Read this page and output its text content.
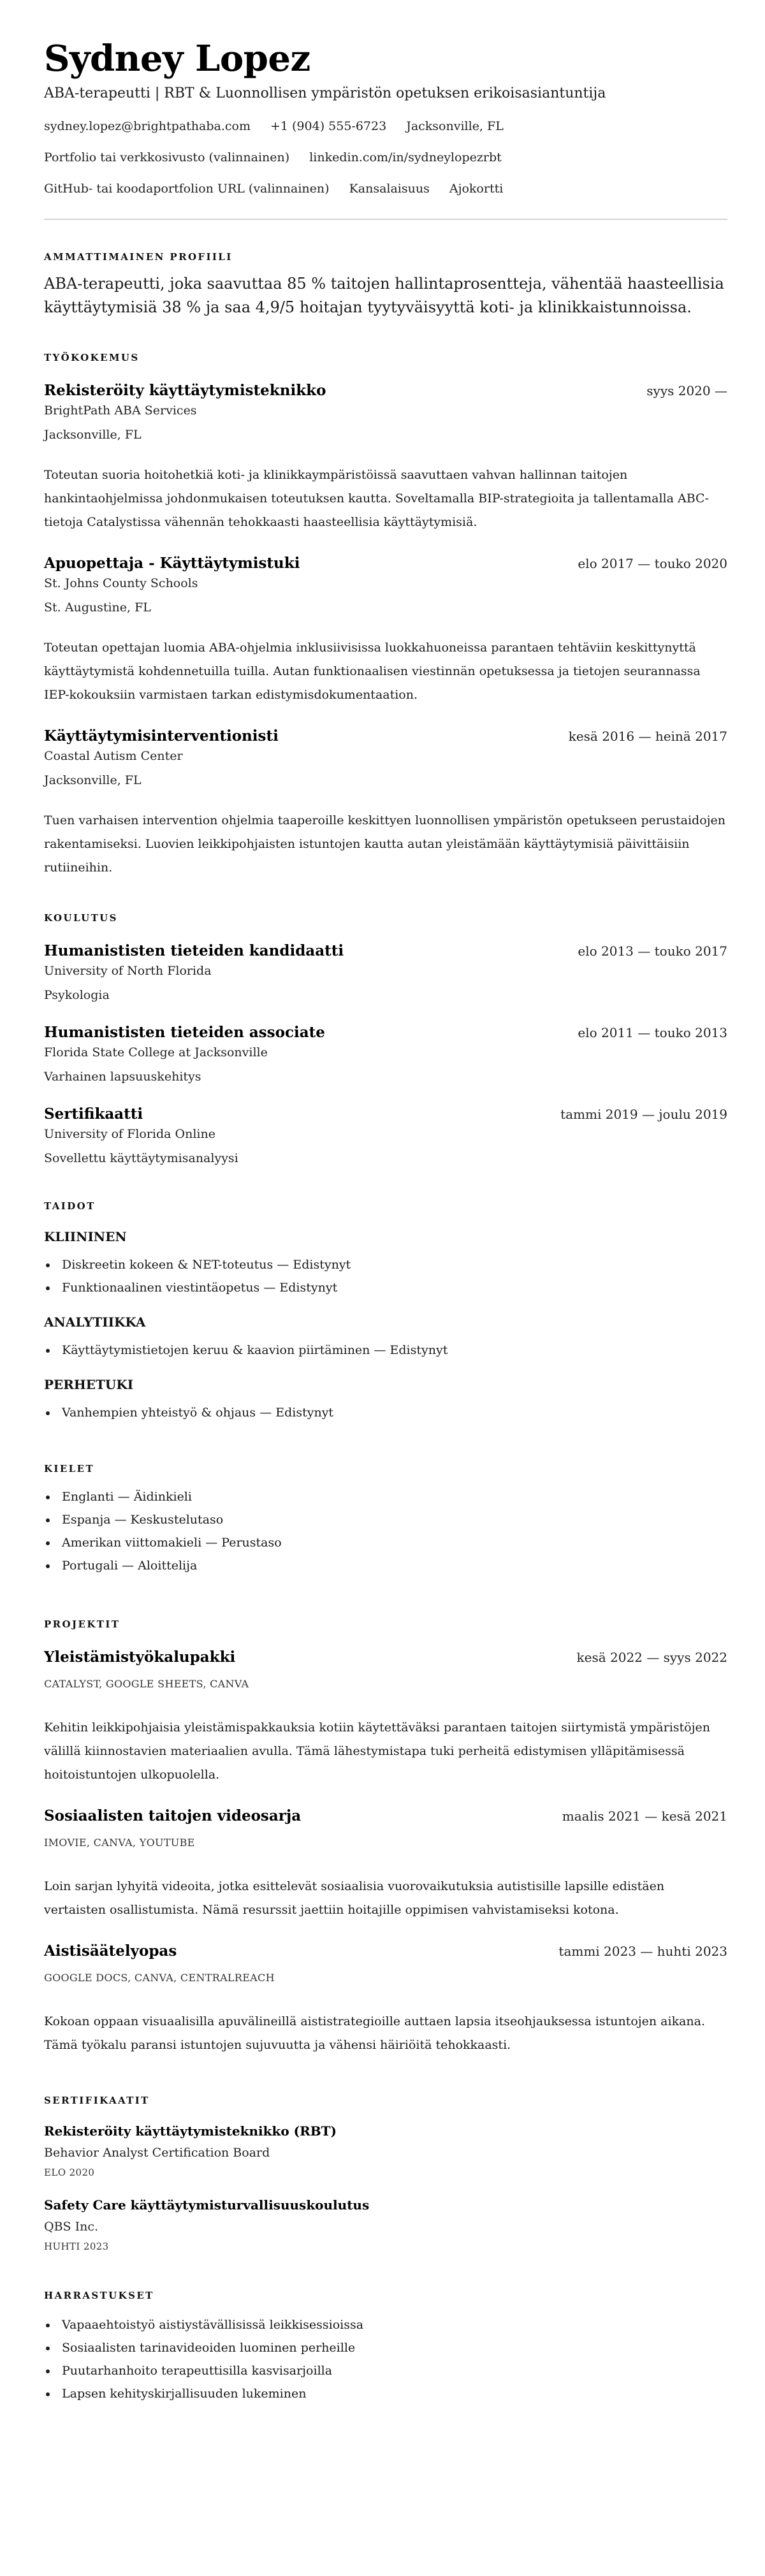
Sydney Lopez
ABA-terapeutti | RBT & Luonnollisen ympäristön opetuksen erikoisasiantuntija
sydney.lopez@brightpathaba.com +1 (904) 555-6723 Jacksonville, FL
Portfolio tai verkkosivusto (valinnainen) linkedin.com/in/sydneylopezrbt
GitHub- tai koodaportfolion URL (valinnainen) Kansalaisuus Ajokortti
AMMATTIMAINEN PROFIILI

ABA-terapeutti, joka saavuttaa 85 % taitojen hallintaprosentteja, vähentää haasteellisia käyttäytymisiä 38 % ja saa 4,9/5 hoitajan tyytyväisyyttä koti- ja klinikkaistunnoissa.

TYÖKOKEMUS
Rekisteröity käyttäytymisteknikko	syys 2020 —
BrightPath ABA Services
Jacksonville, FL

Toteutan suoria hoitohetkiä koti- ja klinikkaympäristöissä saavuttaen vahvan hallinnan taitojen hankintaohjelmissa johdonmukaisen toteutuksen kautta. Soveltamalla BIP-strategioita ja tallentamalla ABC-tietoja Catalystissa vähennän tehokkaasti haasteellisia käyttäytymisiä.

Apuopettaja - Käyttäytymistuki	elo 2017 — touko 2020
St. Johns County Schools
St. Augustine, FL

Toteutan opettajan luomia ABA-ohjelmia inklusiivisissa luokkahuoneissa parantaen tehtäviin keskittynyttä käyttäytymistä kohdennetuilla tuilla. Autan funktionaalisen viestinnän opetuksessa ja tietojen seurannassa IEP-kokouksiin varmistaen tarkan edistymisdokumentaation.

Käyttäytymisinterventionisti	kesä 2016 — heinä 2017
Coastal Autism Center
Jacksonville, FL

Tuen varhaisen intervention ohjelmia taaperoille keskittyen luonnollisen ympäristön opetukseen perustaidojen rakentamiseksi. Luovien leikkipohjaisten istuntojen kautta autan yleistämään käyttäytymisiä päivittäisiin rutiineihin.

KOULUTUS
Humanististen tieteiden kandidaatti	elo 2013 — touko 2017
University of North Florida
Psykologia
Humanististen tieteiden associate	elo 2011 — touko 2013
Florida State College at Jacksonville
Varhainen lapsuuskehitys
Sertifikaatti	tammi 2019 — joulu 2019
University of Florida Online
Sovellettu käyttäytymisanalyysi
TAIDOT
KLIININEN
Diskreetin kokeen & NET-toteutus — Edistynyt
Funktionaalinen viestintäopetus — Edistynyt
ANALYTIIKKA
Käyttäytymistietojen keruu & kaavion piirtäminen — Edistynyt
PERHETUKI
Vanhempien yhteistyö & ohjaus — Edistynyt
KIELET
Englanti — Äidinkieli
Espanja — Keskustelutaso
Amerikan viittomakieli — Perustaso
Portugali — Aloittelija
PROJEKTIT
Yleistämistyökalupakki	kesä 2022 — syys 2022
CATALYST, GOOGLE SHEETS, CANVA

Kehitin leikkipohjaisia yleistämispakkauksia kotiin käytettäväksi parantaen taitojen siirtymistä ympäristöjen välillä kiinnostavien materiaalien avulla. Tämä lähestymistapa tuki perheitä edistymisen ylläpitämisessä hoitoistuntojen ulkopuolella.

Sosiaalisten taitojen videosarja	maalis 2021 — kesä 2021
IMOVIE, CANVA, YOUTUBE

Loin sarjan lyhyitä videoita, jotka esittelevät sosiaalisia vuorovaikutuksia autistisille lapsille edistäen vertaisten osallistumista. Nämä resurssit jaettiin hoitajille oppimisen vahvistamiseksi kotona.

Aistisäätelyopas	tammi 2023 — huhti 2023
GOOGLE DOCS, CANVA, CENTRALREACH

Kokoan oppaan visuaalisilla apuvälineillä aististrategioille auttaen lapsia itseohjauksessa istuntojen aikana. Tämä työkalu paransi istuntojen sujuvuutta ja vähensi häiriöitä tehokkaasti.

SERTIFIKAATIT
Rekisteröity käyttäytymisteknikko (RBT)
Behavior Analyst Certification Board
ELO 2020
Safety Care käyttäytymisturvallisuuskoulutus
QBS Inc.
HUHTI 2023
HARRASTUKSET
Vapaaehtoistyö aistiystävällisissä leikkisessioissa
Sosiaalisten tarinavideoiden luominen perheille
Puutarhanhoito terapeuttisilla kasvisarjoilla
Lapsen kehityskirjallisuuden lukeminen
